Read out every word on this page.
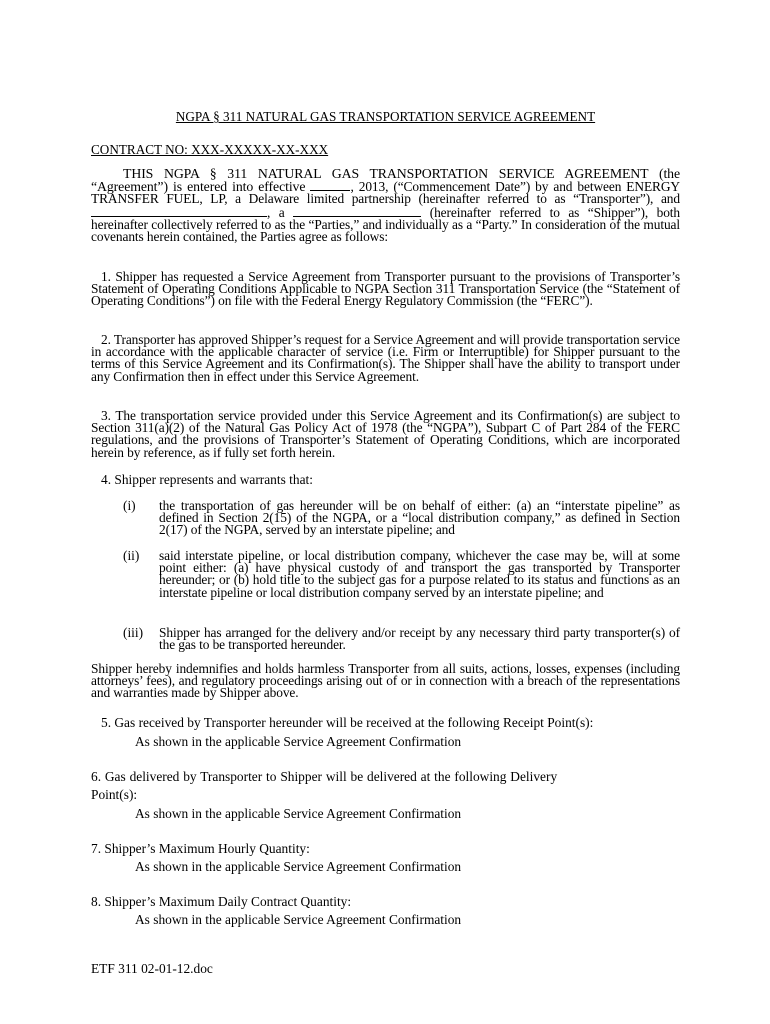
NGPA § 311 NATURAL GAS TRANSPORTATION SERVICE AGREEMENT
CONTRACT NO: XXX-XXXXX-XX-XXX
THIS NGPA § 311 NATURAL GAS TRANSPORTATION SERVICE AGREEMENT (the “Agreement”) is entered into effective	, 2013, (“Commencement Date”) by and between ENERGY TRANSFER FUEL, LP, a Delaware limited partnership (hereinafter referred to as “Transporter”), and , a	(hereinafter referred to as “Shipper”), both hereinafter collectively referred to as the “Parties,” and individually as a “Party.” In consideration of the mutual covenants herein contained, the Parties agree as follows:
1. Shipper has requested a Service Agreement from Transporter pursuant to the provisions of Transporter’s Statement of Operating Conditions Applicable to NGPA Section 311 Transportation Service (the “Statement of Operating Conditions”) on file with the Federal Energy Regulatory Commission (the “FERC”).
2. Transporter has approved Shipper’s request for a Service Agreement and will provide transportation service in accordance with the applicable character of service (i.e. Firm or Interruptible) for Shipper pursuant to the terms of this Service Agreement and its Confirmation(s). The Shipper shall have the ability to transport under any Confirmation then in effect under this Service Agreement.
3. The transportation service provided under this Service Agreement and its Confirmation(s) are subject to Section 311(a)(2) of the Natural Gas Policy Act of 1978 (the “NGPA”), Subpart C of Part 284 of the FERC regulations, and the provisions of Transporter’s Statement of Operating Conditions, which are incorporated herein by reference, as if fully set forth herein.
4. Shipper represents and warrants that:
(i) the transportation of gas hereunder will be on behalf of either: (a) an “interstate pipeline” as defined in Section 2(15) of the NGPA, or a “local distribution company,” as defined in Section 2(17) of the NGPA, served by an interstate pipeline; and
(ii) said interstate pipeline, or local distribution company, whichever the case may be, will at some point either: (a) have physical custody of and transport the gas transported by Transporter hereunder; or (b) hold title to the subject gas for a purpose related to its status and functions as an interstate pipeline or local distribution company served by an interstate pipeline; and
(iii) Shipper has arranged for the delivery and/or receipt by any necessary third party transporter(s) of the gas to be transported hereunder.
Shipper hereby indemnifies and holds harmless Transporter from all suits, actions, losses, expenses (including attorneys’ fees), and regulatory proceedings arising out of or in connection with a breach of the representations and warranties made by Shipper above.
5. Gas received by Transporter hereunder will be received at the following Receipt Point(s):
As shown in the applicable Service Agreement Confirmation
6. Gas delivered by Transporter to Shipper will be delivered at the following Delivery
Point(s):
As shown in the applicable Service Agreement Confirmation
7. Shipper’s Maximum Hourly Quantity:
As shown in the applicable Service Agreement Confirmation
8. Shipper’s Maximum Daily Contract Quantity:
As shown in the applicable Service Agreement Confirmation
ETF 311 02-01-12.doc
